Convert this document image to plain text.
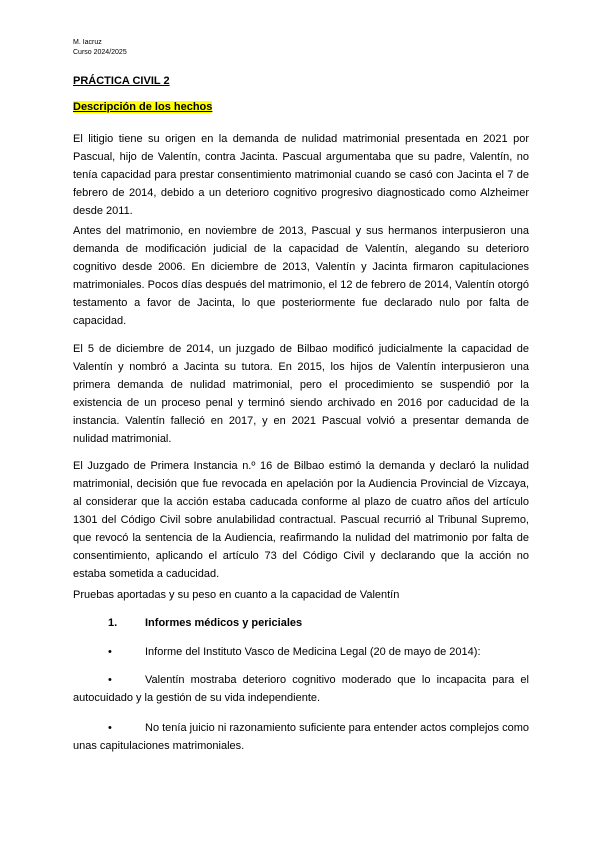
M. Iacruz
Curso 2024/2025
PRÁCTICA CIVIL 2
Descripción de los hechos

El litigio tiene su origen en la demanda de nulidad matrimonial presentada en 2021 por Pascual, hijo de Valentín, contra Jacinta. Pascual argumentaba que su padre, Valentín, no tenía capacidad para prestar consentimiento matrimonial cuando se casó con Jacinta el 7 de febrero de 2014, debido a un deterioro cognitivo progresivo diagnosticado como Alzheimer desde 2011.

Antes del matrimonio, en noviembre de 2013, Pascual y sus hermanos interpusieron una demanda de modificación judicial de la capacidad de Valentín, alegando su deterioro cognitivo desde 2006. En diciembre de 2013, Valentín y Jacinta firmaron capitulaciones matrimoniales. Pocos días después del matrimonio, el 12 de febrero de 2014, Valentín otorgó testamento a favor de Jacinta, lo que posteriormente fue declarado nulo por falta de capacidad.

El 5 de diciembre de 2014, un juzgado de Bilbao modificó judicialmente la capacidad de Valentín y nombró a Jacinta su tutora. En 2015, los hijos de Valentín interpusieron una primera demanda de nulidad matrimonial, pero el procedimiento se suspendió por la existencia de un proceso penal y terminó siendo archivado en 2016 por caducidad de la instancia. Valentín falleció en 2017, y en 2021 Pascual volvió a presentar demanda de nulidad matrimonial.

El Juzgado de Primera Instancia n.º 16 de Bilbao estimó la demanda y declaró la nulidad matrimonial, decisión que fue revocada en apelación por la Audiencia Provincial de Vizcaya, al considerar que la acción estaba caducada conforme al plazo de cuatro años del artículo 1301 del Código Civil sobre anulabilidad contractual. Pascual recurrió al Tribunal Supremo, que revocó la sentencia de la Audiencia, reafirmando la nulidad del matrimonio por falta de consentimiento, aplicando el artículo 73 del Código Civil y declarando que la acción no estaba sometida a caducidad.

Pruebas aportadas y su peso en cuanto a la capacidad de Valentín

1.	Informes médicos y periciales
•	Informe del Instituto Vasco de Medicina Legal (20 de mayo de 2014):
•	Valentín mostraba deterioro cognitivo moderado que lo incapacita para el autocuidado y la gestión de su vida independiente.

•	No tenía juicio ni razonamiento suficiente para entender actos complejos como unas capitulaciones matrimoniales.
